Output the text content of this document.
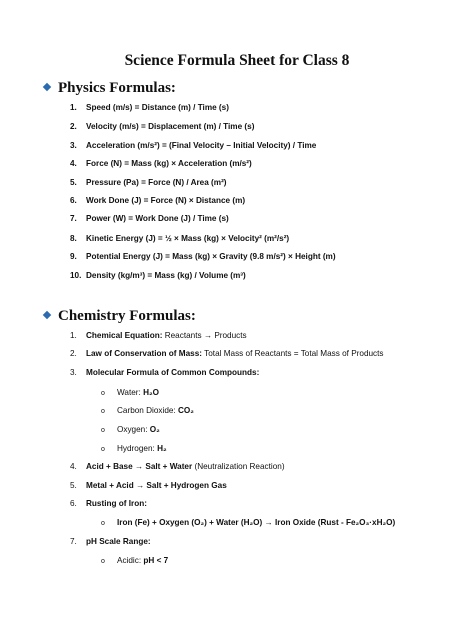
Science Formula Sheet for Class 8
Physics Formulas:
1. Speed (m/s) = Distance (m) / Time (s)
2. Velocity (m/s) = Displacement (m) / Time (s)
3. Acceleration (m/s²) = (Final Velocity – Initial Velocity) / Time
4. Force (N) = Mass (kg) × Acceleration (m/s²)
5. Pressure (Pa) = Force (N) / Area (m²)
6. Work Done (J) = Force (N) × Distance (m)
7. Power (W) = Work Done (J) / Time (s)
8. Kinetic Energy (J) = ½ × Mass (kg) × Velocity² (m²/s²)
9. Potential Energy (J) = Mass (kg) × Gravity (9.8 m/s²) × Height (m)
10. Density (kg/m³) = Mass (kg) / Volume (m³)
Chemistry Formulas:
1. Chemical Equation: Reactants → Products
2. Law of Conservation of Mass: Total Mass of Reactants = Total Mass of Products
3. Molecular Formula of Common Compounds:
o Water: H₂O
o Carbon Dioxide: CO₂
o Oxygen: O₂
o Hydrogen: H₂
4. Acid + Base → Salt + Water (Neutralization Reaction)
5. Metal + Acid → Salt + Hydrogen Gas
6. Rusting of Iron:
o Iron (Fe) + Oxygen (O₂) + Water (H₂O) → Iron Oxide (Rust - Fe₂O₃·xH₂O)
7. pH Scale Range:
o Acidic: pH < 7
